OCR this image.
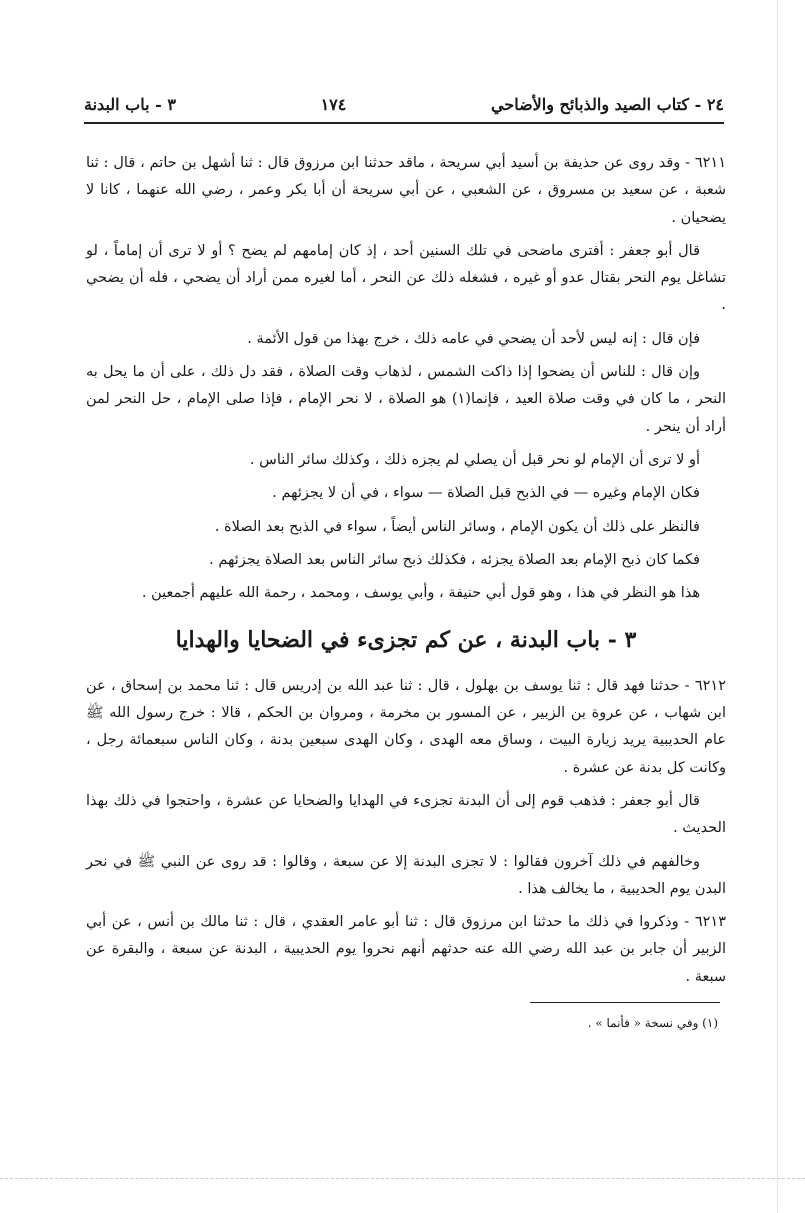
٢٤ - كتاب الصيد والذبائح والأضاحي
١٧٤
٣ - باب البدنة

٦٢١١ - وقد روى عن حذيفة بن أسيد أبي سريحة ، ماقد حدثنا ابن مرزوق قال : ثنا أشهل بن حاتم ، قال : ثنا شعبة ، عن سعيد بن مسروق ، عن الشعبي ، عن أبي سريحة أن أبا بكر وعمر ، رضي الله عنهما ، كانا لا يضحيان .

قال أبو جعفر : أفترى ماضحى في تلك السنين أحد ، إذ كان إمامهم لم يضح ؟ أو لا ترى أن إماماً ، لو تشاغل يوم النحر بقتال عدو أو غيره ، فشغله ذلك عن النحر ، أما لغيره ممن أراد أن يضحي ، فله أن يضحي .

فإن قال : إنه ليس لأحد أن يضحي في عامه ذلك ، خرج بهذا من قول الأئمة .

وإن قال : للناس أن يضحوا إذا ذاكت الشمس ، لذهاب وقت الصلاة ، فقد دل ذلك ، على أن ما يحل به النحر ، ما كان في وقت صلاة العيد ، فإنما(١) هو الصلاة ، لا نحر الإمام ، فإذا صلى الإمام ، حل النحر لمن أراد أن ينحر .

أو لا ترى أن الإمام لو نحر قبل أن يصلي لم يجزه ذلك ، وكذلك سائر الناس .

فكان الإمام وغيره — في الذبح قبل الصلاة — سواء ، في أن لا يجزئهم .

فالنظر على ذلك أن يكون الإمام ، وسائر الناس أيضاً ، سواء في الذبح بعد الصلاة .

فكما كان ذبح الإمام بعد الصلاة يجزئه ، فكذلك ذبح سائر الناس بعد الصلاة يجزئهم .

هذا هو النظر في هذا ، وهو قول أبي حنيفة ، وأبي يوسف ، ومحمد ، رحمة الله عليهم أجمعين .

٣ - باب البدنة ، عن كم تجزىء في الضحايا والهدايا

٦٢١٢ - حدثنا فهد قال : ثنا يوسف بن بهلول ، قال : ثنا عبد الله بن إدريس قال : ثنا محمد بن إسحاق ، عن ابن شهاب ، عن عروة بن الزبير ، عن المسور بن مخرمة ، ومروان بن الحكم ، قالا : خرج رسول الله ﷺ عام الحديبية يريد زيارة البيت ، وساق معه الهدى ، وكان الهدى سبعين بدنة ، وكان الناس سبعمائة رجل ، وكانت كل بدنة عن عشرة .

قال أبو جعفر : فذهب قوم إلى أن البدنة تجزىء في الهدايا والضحايا عن عشرة ، واحتجوا في ذلك بهذا الحديث .

وخالفهم في ذلك آخرون فقالوا : لا تجزى البدنة إلا عن سبعة ، وقالوا : قد روى عن النبي ﷺ في نحر البدن يوم الحديبية ، ما يخالف هذا .

٦٢١٣ - وذكروا في ذلك ما حدثنا ابن مرزوق قال : ثنا أبو عامر العقدي ، قال : ثنا مالك بن أنس ، عن أبي الزبير أن جابر بن عبد الله رضي الله عنه حدثهم أنهم نحروا يوم الحديبية ، البدنة عن سبعة ، والبقرة عن سبعة .

(١) وفي نسخة « فأنما » .
